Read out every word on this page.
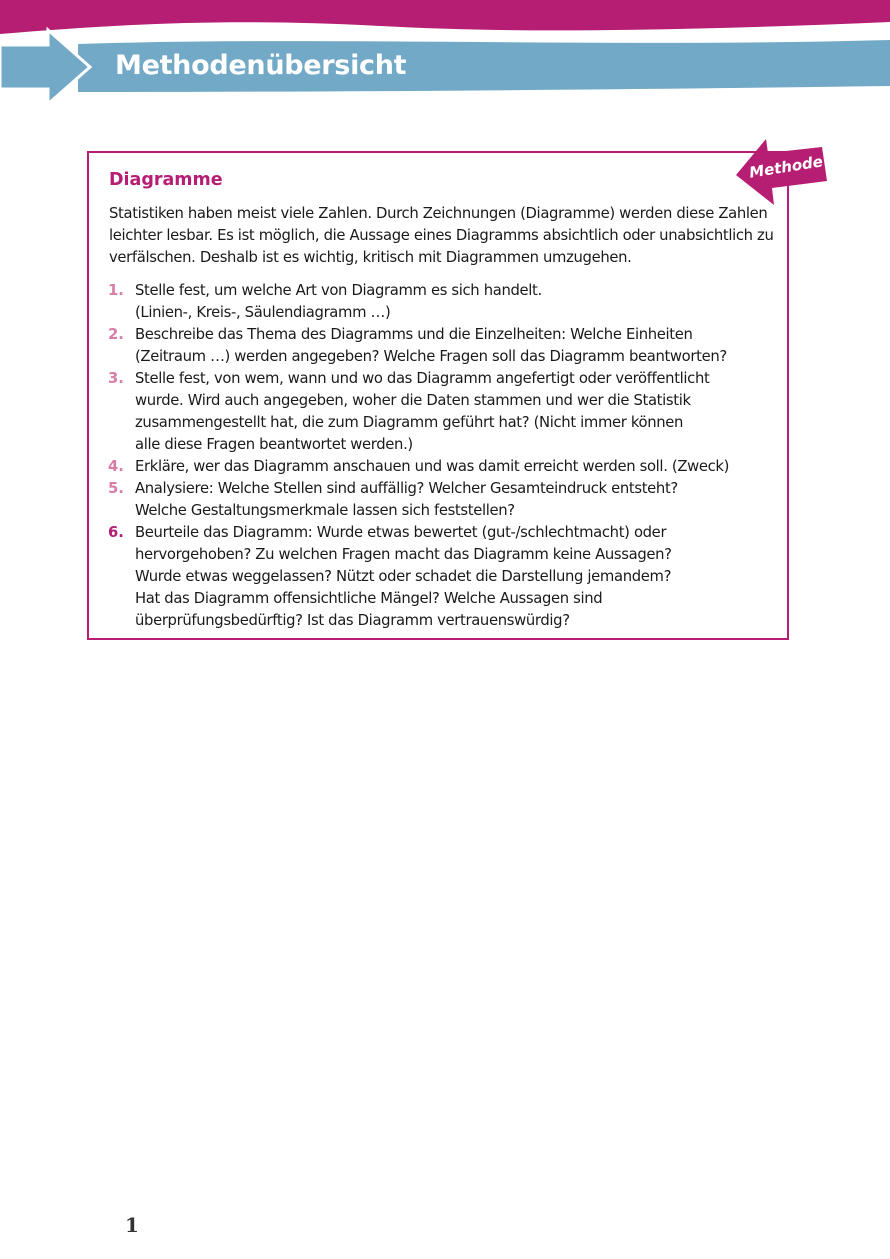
Methodenübersicht
Methode
Diagramme

Statistiken haben meist viele Zahlen. Durch Zeichnungen (Diagramme) werden diese Zahlen leichter lesbar. Es ist möglich, die Aussage eines Diagramms absichtlich oder unabsichtlich zu verfälschen. Deshalb ist es wichtig, kritisch mit Diagrammen umzugehen.

1. Stelle fest, um welche Art von Diagramm es sich handelt.
(Linien-, Kreis-, Säulendiagramm …)
2. Beschreibe das Thema des Diagramms und die Einzelheiten: Welche Einheiten
(Zeitraum …) werden angegeben? Welche Fragen soll das Diagramm beantworten?
3. Stelle fest, von wem, wann und wo das Diagramm angefertigt oder veröffentlicht
wurde. Wird auch angegeben, woher die Daten stammen und wer die Statistik
zusammengestellt hat, die zum Diagramm geführt hat? (Nicht immer können
alle diese Fragen beantwortet werden.)
4. Erkläre, wer das Diagramm anschauen und was damit erreicht werden soll. (Zweck)
5. Analysiere: Welche Stellen sind auffällig? Welcher Gesamteindruck entsteht?
Welche Gestaltungsmerkmale lassen sich feststellen?
6. Beurteile das Diagramm: Wurde etwas bewertet (gut-/schlechtmacht) oder
hervorgehoben? Zu welchen Fragen macht das Diagramm keine Aussagen?
Wurde etwas weggelassen? Nützt oder schadet die Darstellung jemandem?
Hat das Diagramm offensichtliche Mängel? Welche Aussagen sind
überprüfungsbedürftig? Ist das Diagramm vertrauenswürdig?
1
